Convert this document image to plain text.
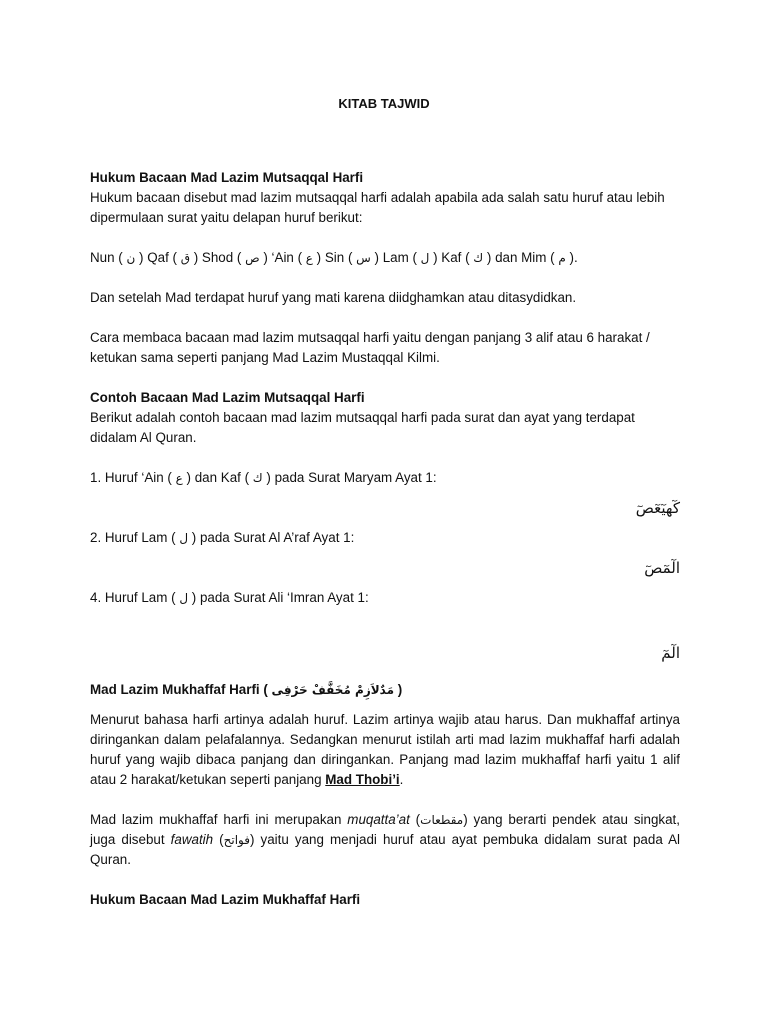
KITAB TAJWID

Hukum Bacaan Mad Lazim Mutsaqqal Harfi

Hukum bacaan disebut mad lazim mutsaqqal harfi adalah apabila ada salah satu huruf atau lebih dipermulaan surat yaitu delapan huruf berikut:

Nun ( ن ) Qaf ( ق ) Shod ( ص ) ‘Ain ( ع ) Sin ( س ) Lam ( ل ) Kaf ( ك ) dan Mim ( م ).

Dan setelah Mad terdapat huruf yang mati karena diidghamkan atau ditasydidkan.

Cara membaca bacaan mad lazim mutsaqqal harfi yaitu dengan panjang 3 alif atau 6 harakat / ketukan sama seperti panjang Mad Lazim Mustaqqal Kilmi.

Contoh Bacaan Mad Lazim Mutsaqqal Harfi

Berikut adalah contoh bacaan mad lazim mutsaqqal harfi pada surat dan ayat yang terdapat didalam Al Quran.

1. Huruf ‘Ain ( ع ) dan Kaf ( ك ) pada Surat Maryam Ayat 1:

كٓهيٓعٓصٓ

2. Huruf Lam ( ل ) pada Surat Al A’raf Ayat 1:

الٓمٓصٓ

4. Huruf Lam ( ل ) pada Surat Ali ‘Imran Ayat 1:

الٓمٓ

Mad Lazim Mukhaffaf Harfi ( مَدٌلاَزِمْ مُخَفَّفْ حَرْفِى )

Menurut bahasa harfi artinya adalah huruf. Lazim artinya wajib atau harus. Dan mukhaffaf artinya diringankan dalam pelafalannya. Sedangkan menurut istilah arti mad lazim mukhaffaf harfi adalah huruf yang wajib dibaca panjang dan diringankan. Panjang mad lazim mukhaffaf harfi yaitu 1 alif atau 2 harakat/ketukan seperti panjang Mad Thobi’i.

Mad lazim mukhaffaf harfi ini merupakan muqatta’at (مقطعات) yang berarti pendek atau singkat, juga disebut fawatih (فواتح) yaitu yang menjadi huruf atau ayat pembuka didalam surat pada Al Quran.

Hukum Bacaan Mad Lazim Mukhaffaf Harfi
